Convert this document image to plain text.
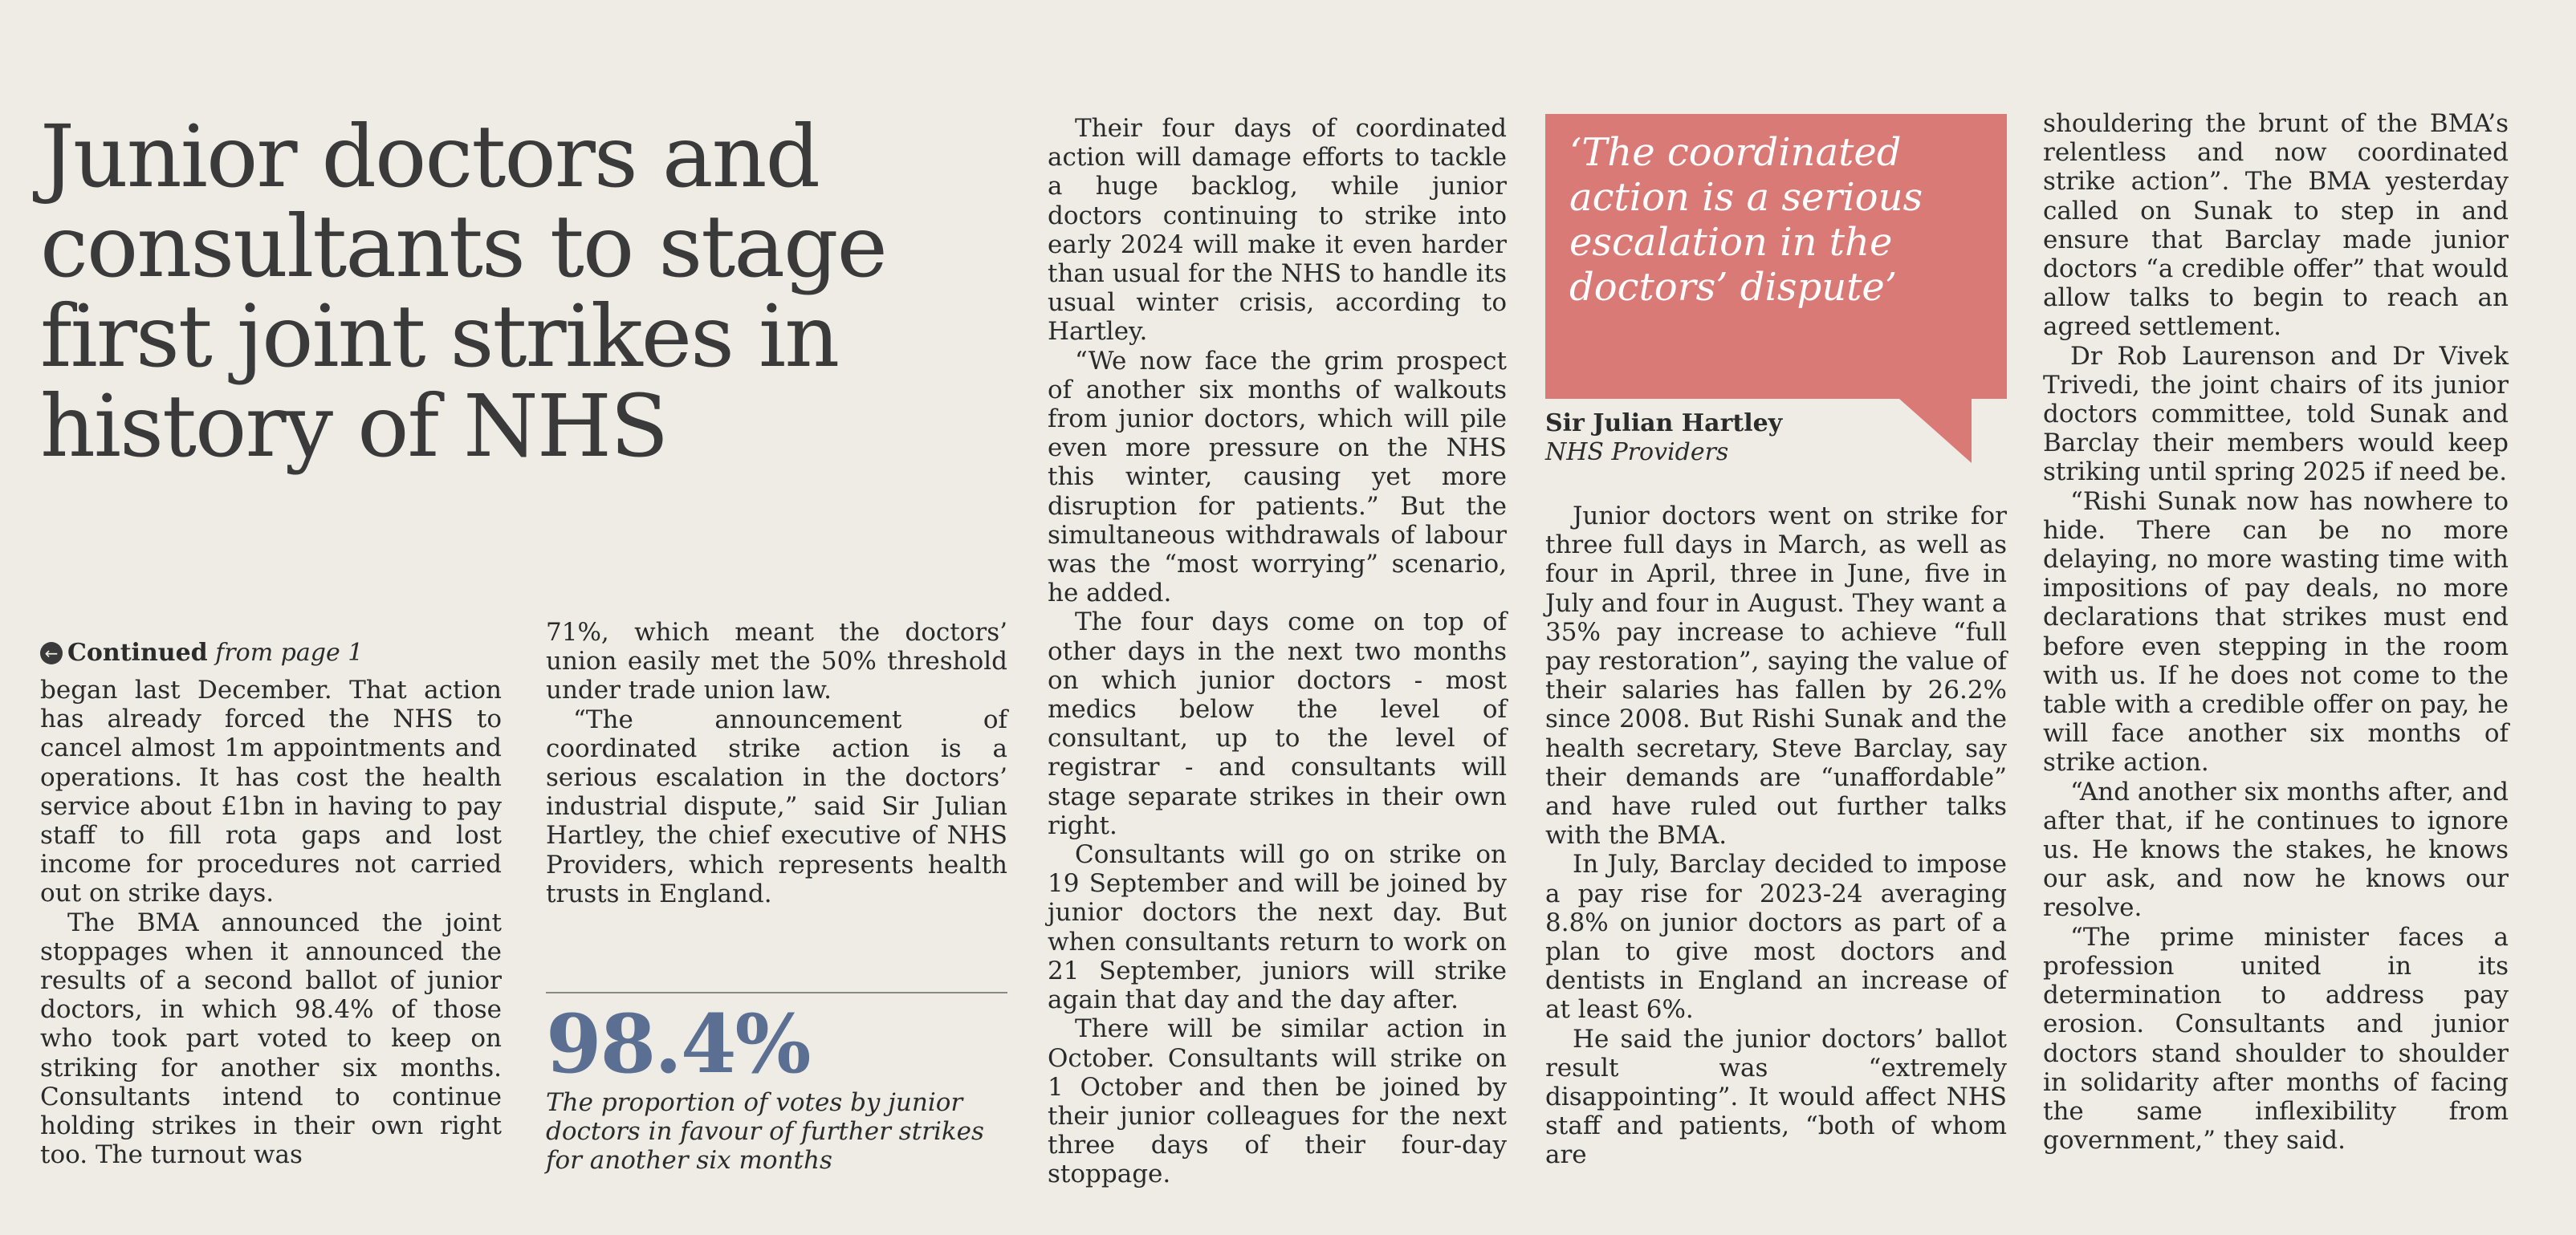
Junior doctors and consultants to stage first joint strikes in history of NHS
← Continued from page 1

began last December. That action has already forced the NHS to cancel almost 1m appointments and operations. It has cost the health service about £1bn in having to pay staff to fill rota gaps and lost income for procedures not carried out on strike days.

The BMA announced the joint stoppages when it announced the results of a second ballot of junior doctors, in which 98.4% of those who took part voted to keep on striking for another six months. Consultants intend to continue holding strikes in their own right too. The turnout was

71%, which meant the doctors’ union easily met the 50% threshold under trade union law.

“The announcement of coordinated strike action is a serious escalation in the doctors’ industrial dispute,” said Sir Julian Hartley, the chief executive of NHS Providers, which represents health trusts in England.

98.4%
The proportion of votes by junior doctors in favour of further strikes for another six months

Their four days of coordinated action will damage efforts to tackle a huge backlog, while junior doctors continuing to strike into early 2024 will make it even harder than usual for the NHS to handle its usual winter crisis, according to Hartley.

“We now face the grim prospect of another six months of walkouts from junior doctors, which will pile even more pressure on the NHS this winter, causing yet more disruption for patients.” But the simultaneous withdrawals of labour was the “most worrying” scenario, he added.

The four days come on top of other days in the next two months on which junior doctors - most medics below the level of consultant, up to the level of registrar - and consultants will stage separate strikes in their own right.

Consultants will go on strike on 19 September and will be joined by junior doctors the next day. But when consultants return to work on 21 September, juniors will strike again that day and the day after.

There will be similar action in October. Consultants will strike on 1 October and then be joined by their junior colleagues for the next three days of their four-day stoppage.

‘The coordinated action is a serious escalation in the doctors’ dispute’
Sir Julian Hartley
NHS Providers

Junior doctors went on strike for three full days in March, as well as four in April, three in June, five in July and four in August. They want a 35% pay increase to achieve “full pay restoration”, saying the value of their salaries has fallen by 26.2% since 2008. But Rishi Sunak and the health secretary, Steve Barclay, say their demands are “unaffordable” and have ruled out further talks with the BMA.

In July, Barclay decided to impose a pay rise for 2023-24 averaging 8.8% on junior doctors as part of a plan to give most doctors and dentists in England an increase of at least 6%.

He said the junior doctors’ ballot result was “extremely disappointing”. It would affect NHS staff and patients, “both of whom are

shouldering the brunt of the BMA’s relentless and now coordinated strike action”. The BMA yesterday called on Sunak to step in and ensure that Barclay made junior doctors “a credible offer” that would allow talks to begin to reach an agreed settlement.

Dr Rob Laurenson and Dr Vivek Trivedi, the joint chairs of its junior doctors committee, told Sunak and Barclay their members would keep striking until spring 2025 if need be.

“Rishi Sunak now has nowhere to hide. There can be no more delaying, no more wasting time with impositions of pay deals, no more declarations that strikes must end before even stepping in the room with us. If he does not come to the table with a credible offer on pay, he will face another six months of strike action.

“And another six months after, and after that, if he continues to ignore us. He knows the stakes, he knows our ask, and now he knows our resolve.

“The prime minister faces a profession united in its determination to address pay erosion. Consultants and junior doctors stand shoulder to shoulder in solidarity after months of facing the same inflexibility from government,” they said.
